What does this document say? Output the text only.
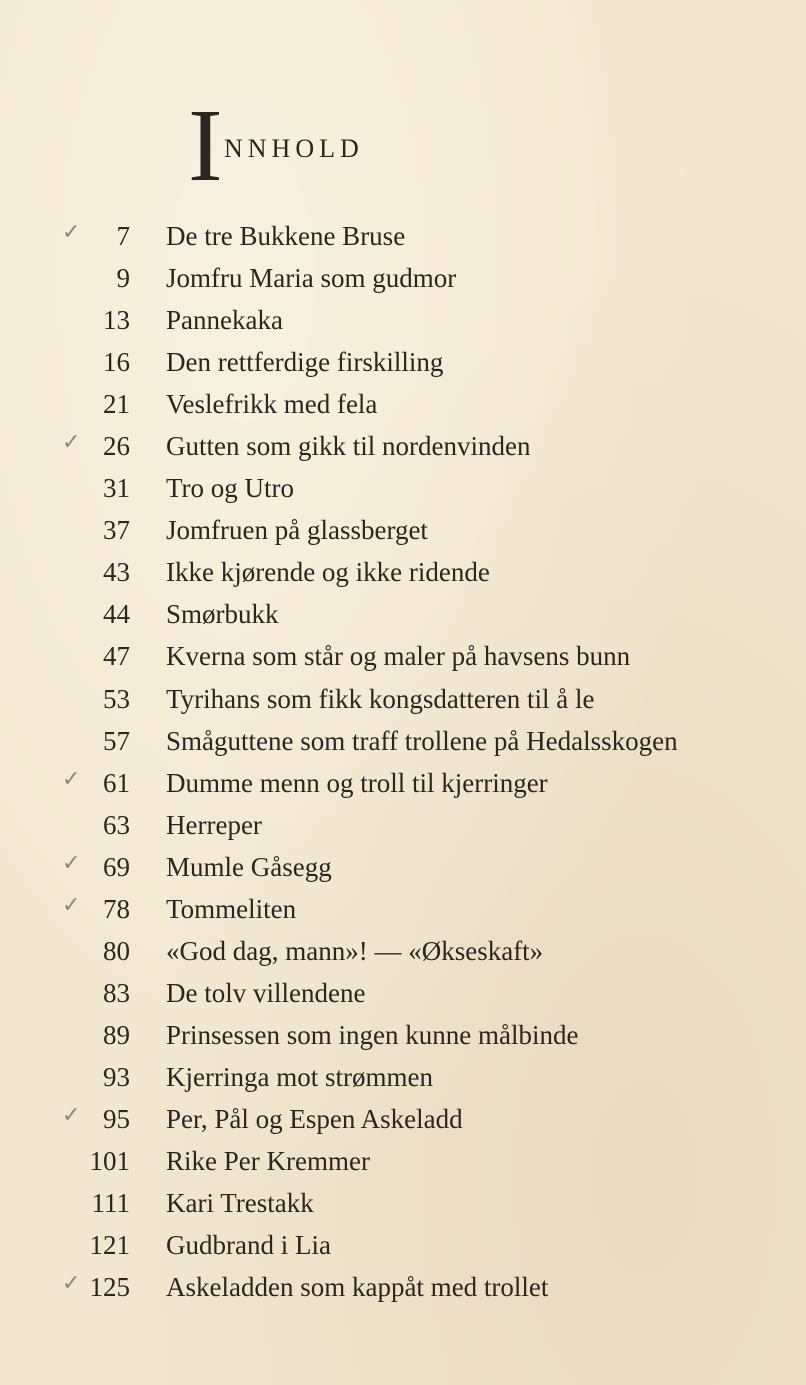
I NNHOLD
✓	7 De tre Bukkene Bruse
9 Jomfru Maria som gudmor
13 Pannekaka
16 Den rettferdige firskilling
21 Veslefrikk med fela
✓ 26 Gutten som gikk til nordenvinden
31 Tro og Utro
37 Jomfruen på glassberget
43 Ikke kjørende og ikke ridende
44 Smørbukk
47 Kverna som står og maler på havsens bunn
53 Tyrihans som fikk kongsdatteren til å le
57 Småguttene som traff trollene på Hedalsskogen
✓ 61 Dumme menn og troll til kjerringer
63 Herreper
✓ 69 Mumle Gåsegg
✓ 78 Tommeliten
80 «God dag, mann»! — «Økseskaft»
83 De tolv villendene
89 Prinsessen som ingen kunne målbinde
93 Kjerringa mot strømmen
✓ 95 Per, Pål og Espen Askeladd
101 Rike Per Kremmer
111 Kari Trestakk
121 Gudbrand i Lia
✓ 125 Askeladden som kappåt med trollet
